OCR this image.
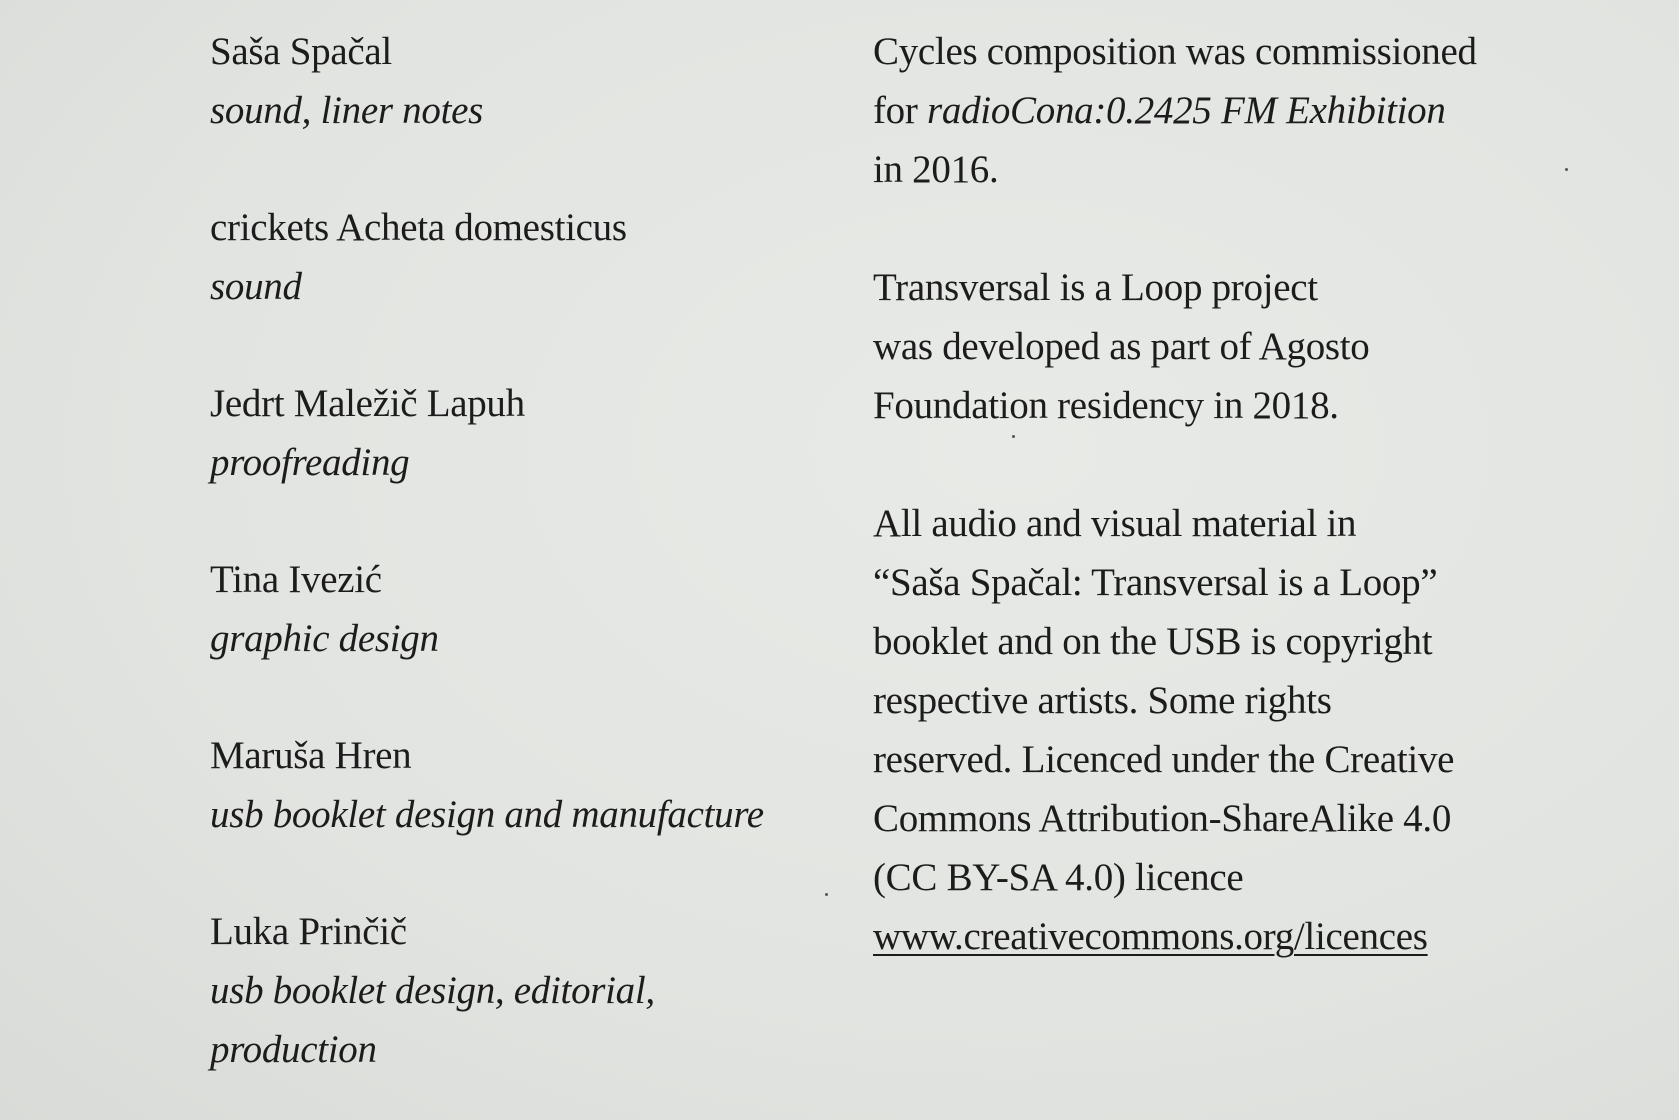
Saša Spačal
sound, liner notes
crickets Acheta domesticus
sound
Jedrt Maležič Lapuh
proofreading
Tina Ivezić
graphic design
Maruša Hren
usb booklet design and manufacture
Luka Prinčič
usb booklet design, editorial,
production
Cycles composition was commissioned
for radioCona:0.2425 FM Exhibition
in 2016.
Transversal is a Loop project
was developed as part of Agosto
Foundation residency in 2018.
All audio and visual material in
“Saša Spačal: Transversal is a Loop”
booklet and on the USB is copyright
respective artists. Some rights
reserved. Licenced under the Creative
Commons Attribution-ShareAlike 4.0
(CC BY-SA 4.0) licence
www.creativecommons.org/licences
